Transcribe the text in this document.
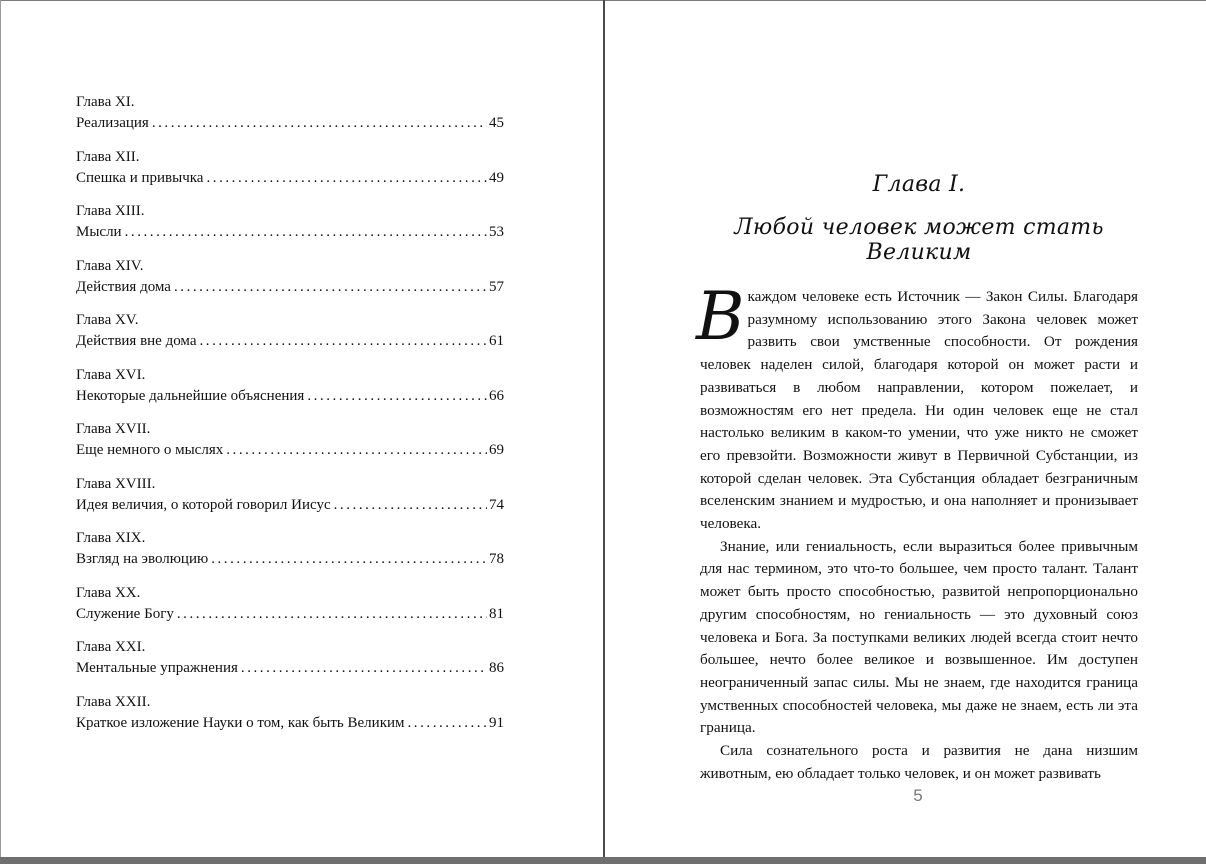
Глава XI.
Реализация . . .	45
Глава XII.
Спешка и привычка . . .	49
Глава XIII.
Мысли . . .	53
Глава XIV.
Действия дома . . .	57
Глава XV.
Действия вне дома . . .	61
Глава XVI.
Некоторые дальнейшие объяснения . . .	66
Глава XVII.
Еще немного о мыслях . . .	69
Глава XVIII.
Идея величия, о которой говорил Иисус . . .	74
Глава XIX.
Взгляд на эволюцию . . .	78
Глава XX.
Служение Богу . . .	81
Глава XXI.
Ментальные упражнения . . .	86
Глава XXII.
Краткое изложение Науки о том, как быть Великим . . .	91
Глава I.
Любой человек может стать Великим

Вкаждом человеке есть Источник — Закон Силы. Благодаря разумному использованию этого Закона человек может развить свои умственные способности. От рождения человек наделен силой, благодаря которой он может расти и развиваться в любом направлении, котором пожелает, и возможностям его нет предела. Ни один человек еще не стал настолько великим в каком-то умении, что уже никто не сможет его превзойти. Возможности живут в Первичной Субстанции, из которой сделан человек. Эта Субстанция обладает безграничным вселенским знанием и мудростью, и она наполняет и пронизывает человека.

Знание, или гениальность, если выразиться более привычным для нас термином, это что-то большее, чем просто талант. Талант может быть просто способностью, развитой непропорционально другим способностям, но гениальность — это духовный союз человека и Бога. За поступками великих людей всегда стоит нечто большее, нечто более великое и возвышенное. Им доступен неограниченный запас силы. Мы не знаем, где находится граница умственных способностей человека, мы даже не знаем, есть ли эта граница.

Сила сознательного роста и развития не дана низшим животным, ею обладает только человек, и он может развивать

5
